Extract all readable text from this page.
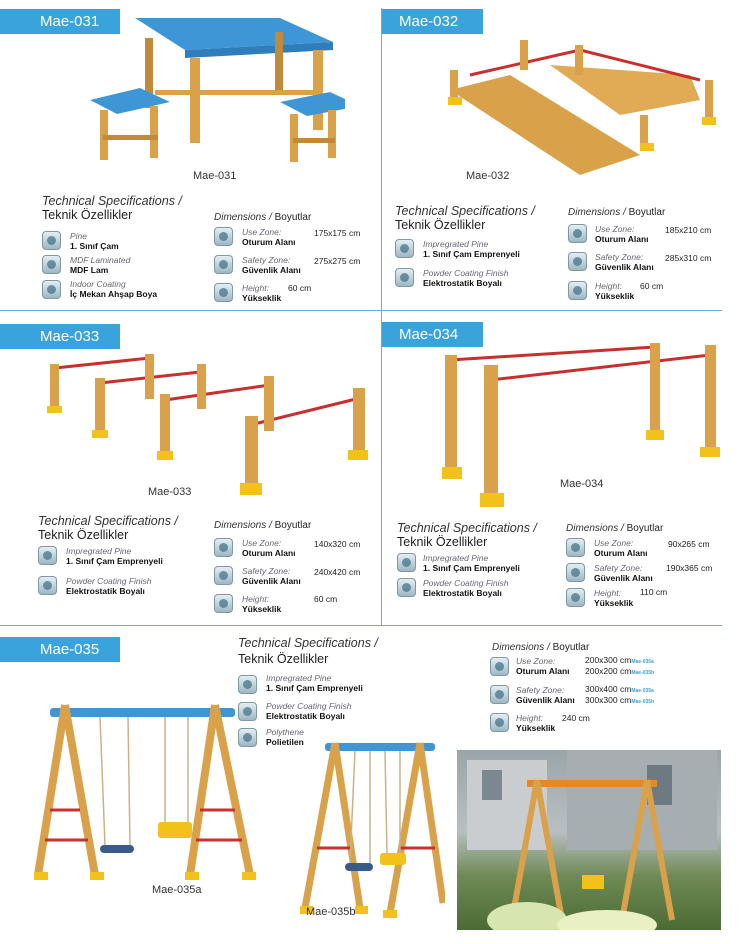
Mae-031
Mae-031
Technical Specifications /
Teknik Özellikler	Dimensions / Boyutlar
Pine
1. Sınıf Çam
MDF Laminated
MDF Lam
Indoor Coating
İç Mekan Ahşap Boya
Use Zone:
Oturum Alanı
175x175 cm
Safety Zone:
Güvenlik Alanı
275x275 cm
Height:
Yükseklik
60 cm
Mae-032
Mae-032
Technical Specifications /
Teknik Özellikler
Dimensions / Boyutlar
Impregrated Pine
1. Sınıf Çam Emprenyeli
Powder Coating Finish
Elektrostatik Boyalı
Use Zone:
Oturum Alanı
185x210 cm
Safety Zone:
Güvenlik Alanı
285x310 cm
Height:
Yükseklik
60 cm
Mae-033
Mae-033
Technical Specifications /
Teknik Özellikler
Dimensions / Boyutlar
Impregrated Pine
1. Sınıf Çam Emprenyeli
Powder Coating Finish
Elektrostatik Boyalı
Use Zone:
Oturum Alanı
140x320 cm
Safety Zone:
Güvenlik Alanı
240x420 cm
Height:
Yükseklik
60 cm
Mae-034
Mae-034
Technical Specifications /
Teknik Özellikler
Dimensions / Boyutlar
Impregrated Pine
1. Sınıf Çam Emprenyeli
Powder Coating Finish
Elektrostatik Boyalı
Use Zone:
Oturum Alanı
90x265 cm
Safety Zone:
Güvenlik Alanı
190x365 cm
Height:
Yükseklik
110 cm
Mae-035	Technical Specifications /
Teknik Özellikler
Dimensions / Boyutlar
Impregrated Pine
1. Sınıf Çam Emprenyeli
Powder Coating Finish
Elektrostatik Boyalı
Polythene
Polietilen
Use Zone:
Oturum Alanı
200x300 cmMae-035a
200x200 cmMae-035b
Safety Zone:
Güvenlik Alanı
300x400 cmMae-035a
300x300 cmMae-035b
Height:
Yükseklik
240 cm
Mae-035a
Mae-035b
